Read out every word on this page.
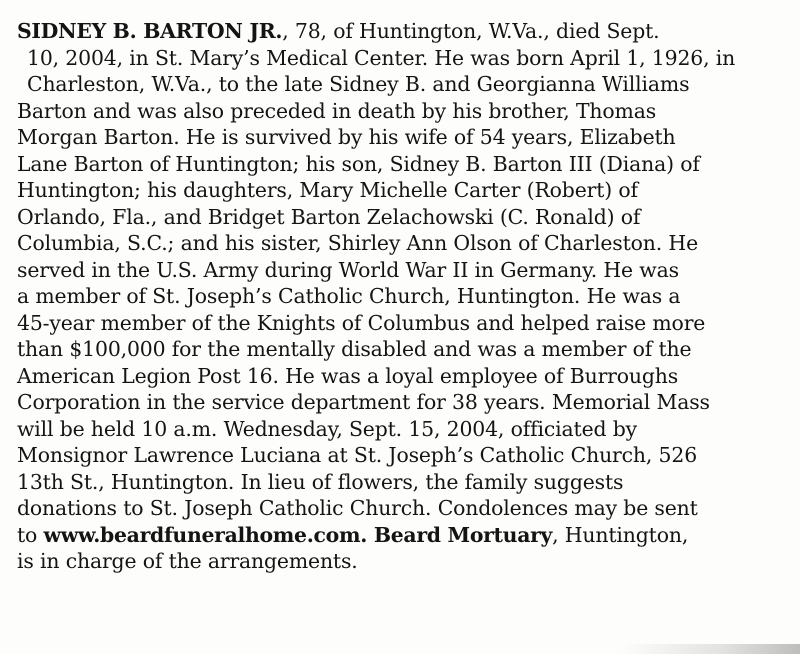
SIDNEY B. BARTON JR., 78, of Huntington, W.Va., died Sept.
10, 2004, in St. Mary’s Medical Center. He was born April 1, 1926, in
Charleston, W.Va., to the late Sidney B. and Georgianna Williams
Barton and was also preceded in death by his brother, Thomas
Morgan Barton. He is survived by his wife of 54 years, Elizabeth
Lane Barton of Huntington; his son, Sidney B. Barton III (Diana) of
Huntington; his daughters, Mary Michelle Carter (Robert) of
Orlando, Fla., and Bridget Barton Zelachowski (C. Ronald) of
Columbia, S.C.; and his sister, Shirley Ann Olson of Charleston. He
served in the U.S. Army during World War II in Germany. He was
a member of St. Joseph’s Catholic Church, Huntington. He was a
45-year member of the Knights of Columbus and helped raise more
than $100,000 for the mentally disabled and was a member of the
American Legion Post 16. He was a loyal employee of Burroughs
Corporation in the service department for 38 years. Memorial Mass
will be held 10 a.m. Wednesday, Sept. 15, 2004, officiated by
Monsignor Lawrence Luciana at St. Joseph’s Catholic Church, 526
13th St., Huntington. In lieu of flowers, the family suggests
donations to St. Joseph Catholic Church. Condolences may be sent
to www.beardfuneralhome.com. Beard Mortuary, Huntington,
is in charge of the arrangements.
